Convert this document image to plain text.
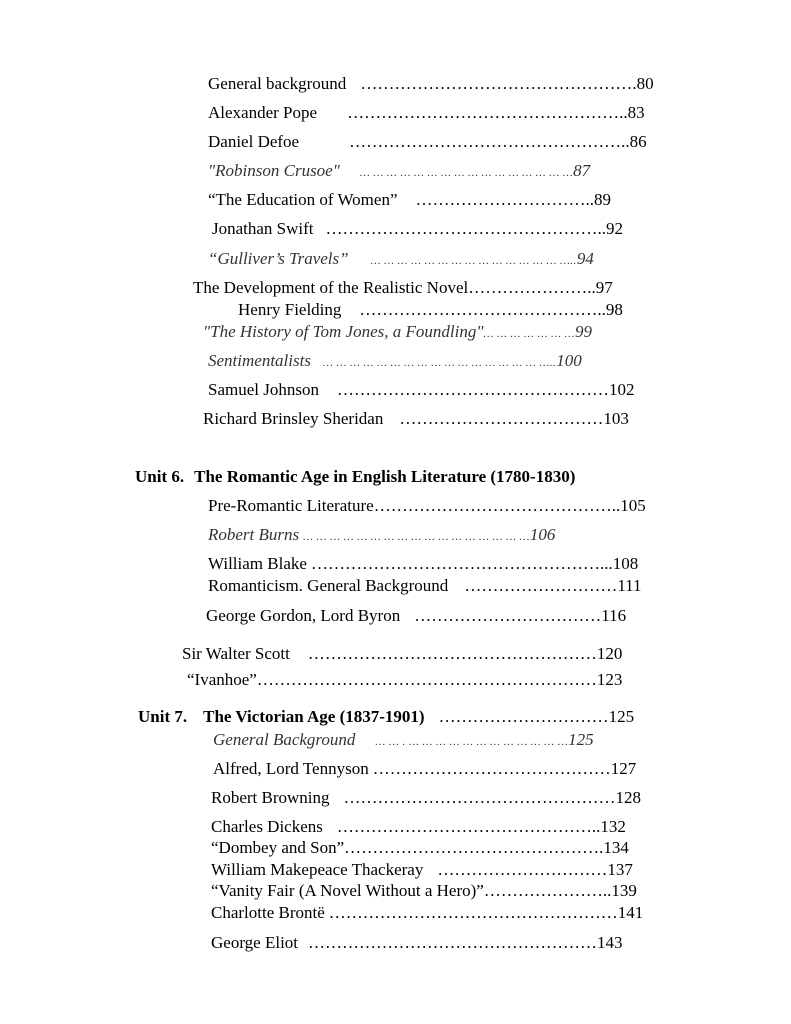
General background ………………………………………….80
Alexander Pope …………………………………………..83
Daniel Defoe	…………………………………………..86
"Robinson Crusoe" … … … … … … … … … … … … … … … …87
“The Education of Women” …………………………..89
Jonathan Swift …………………………………………..92
“Gulliver’s Travels” … … … … … … … … … … … … … … …..94
The Development of the Realistic Novel…………………..97
Henry Fielding ……………………………………..98
"The History of Tom Jones, a Foundling"… … … … … … …99
Sentimentalists … … … … … … … … … … … … … … … … …..100
Samuel Johnson …………………………………………102
Richard Brinsley Sheridan ………………………………103
Unit 6. The Romantic Age in English Literature (1780-1830)
Pre-Romantic Literature……………………………………..105
Robert Burns … … … … … … … … … … … … … … … … …106
William Blake ……………………………………………...108
Romanticism. General Background ………………………111
George Gordon, Lord Byron ……………………………116
Sir Walter Scott ……………………………………………120
“Ivanhoe”……………………………………………………123
Unit 7. The Victorian Age (1837-1901) …………………………125
General Background … … . … … … … … … … … … … … …125
Alfred, Lord Tennyson ……………………………………127
Robert Browning …………………………………………128
Charles Dickens ………………………………………..132
“Dombey and Son”……………………………………….134
William Makepeace Thackeray …………………………137
“Vanity Fair (A Novel Without a Hero)”…………………..139
Charlotte Brontë ……………………………………………141
George Eliot ……………………………………………143
